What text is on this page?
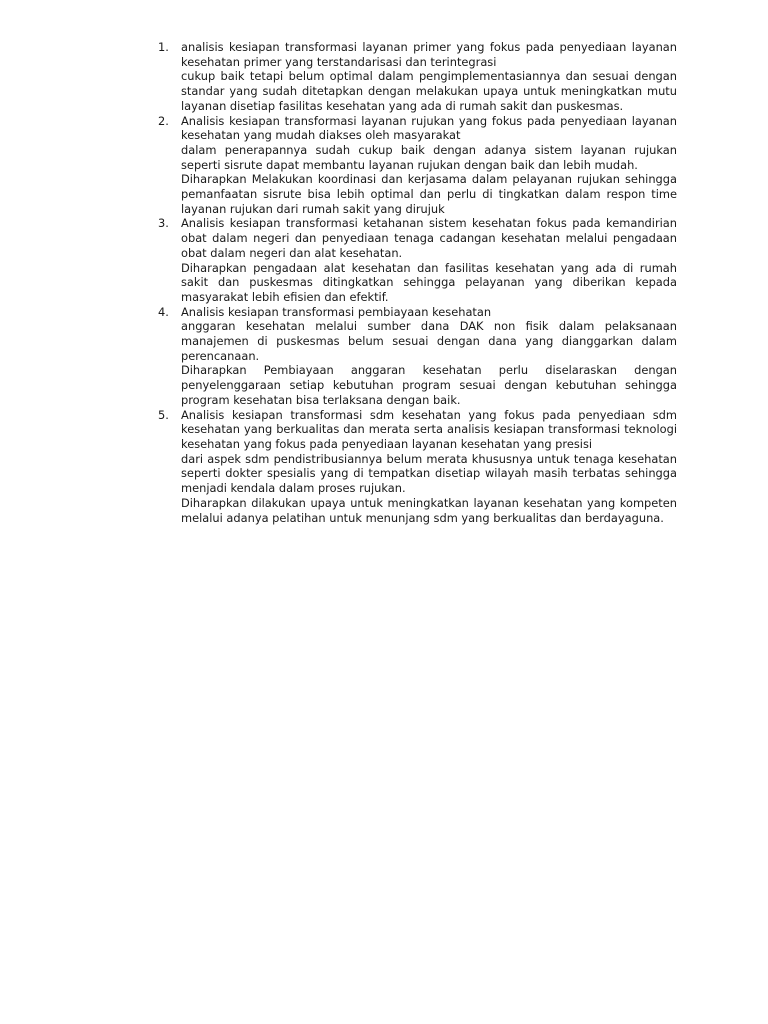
1.	analisis kesiapan transformasi layanan primer yang fokus pada penyediaan layanan kesehatan primer yang terstandarisasi dan terintegrasi
cukup baik tetapi belum optimal dalam pengimplementasiannya dan sesuai dengan standar yang sudah ditetapkan dengan melakukan upaya untuk meningkatkan mutu layanan disetiap fasilitas kesehatan yang ada di rumah sakit dan puskesmas.
2.	Analisis kesiapan transformasi layanan rujukan yang fokus pada penyediaan layanan kesehatan yang mudah diakses oleh masyarakat
dalam penerapannya sudah cukup baik dengan adanya sistem layanan rujukan seperti sisrute dapat membantu layanan rujukan dengan baik dan lebih mudah.
Diharapkan Melakukan koordinasi dan kerjasama dalam pelayanan rujukan sehingga pemanfaatan sisrute bisa lebih optimal dan perlu di tingkatkan dalam respon time layanan rujukan dari rumah sakit yang dirujuk
3.	Analisis kesiapan transformasi ketahanan sistem kesehatan fokus pada kemandirian obat dalam negeri dan penyediaan tenaga cadangan kesehatan melalui pengadaan obat dalam negeri dan alat kesehatan.
Diharapkan pengadaan alat kesehatan dan fasilitas kesehatan yang ada di rumah sakit dan puskesmas ditingkatkan sehingga pelayanan yang diberikan kepada masyarakat lebih efisien dan efektif.
4.	Analisis kesiapan transformasi pembiayaan kesehatan
anggaran kesehatan melalui sumber dana DAK non fisik dalam pelaksanaan manajemen di puskesmas belum sesuai dengan dana yang dianggarkan dalam perencanaan.
Diharapkan Pembiayaan anggaran kesehatan perlu diselaraskan dengan penyelenggaraan setiap kebutuhan program sesuai dengan kebutuhan sehingga program kesehatan bisa terlaksana dengan baik.
5.	Analisis kesiapan transformasi sdm kesehatan yang fokus pada penyediaan sdm kesehatan yang berkualitas dan merata serta analisis kesiapan transformasi teknologi kesehatan yang fokus pada penyediaan layanan kesehatan yang presisi
dari aspek sdm pendistribusiannya belum merata khususnya untuk tenaga kesehatan seperti dokter spesialis yang di tempatkan disetiap wilayah masih terbatas sehingga menjadi kendala dalam proses rujukan.
Diharapkan dilakukan upaya untuk meningkatkan layanan kesehatan yang kompeten melalui adanya pelatihan untuk menunjang sdm yang berkualitas dan berdayaguna.
